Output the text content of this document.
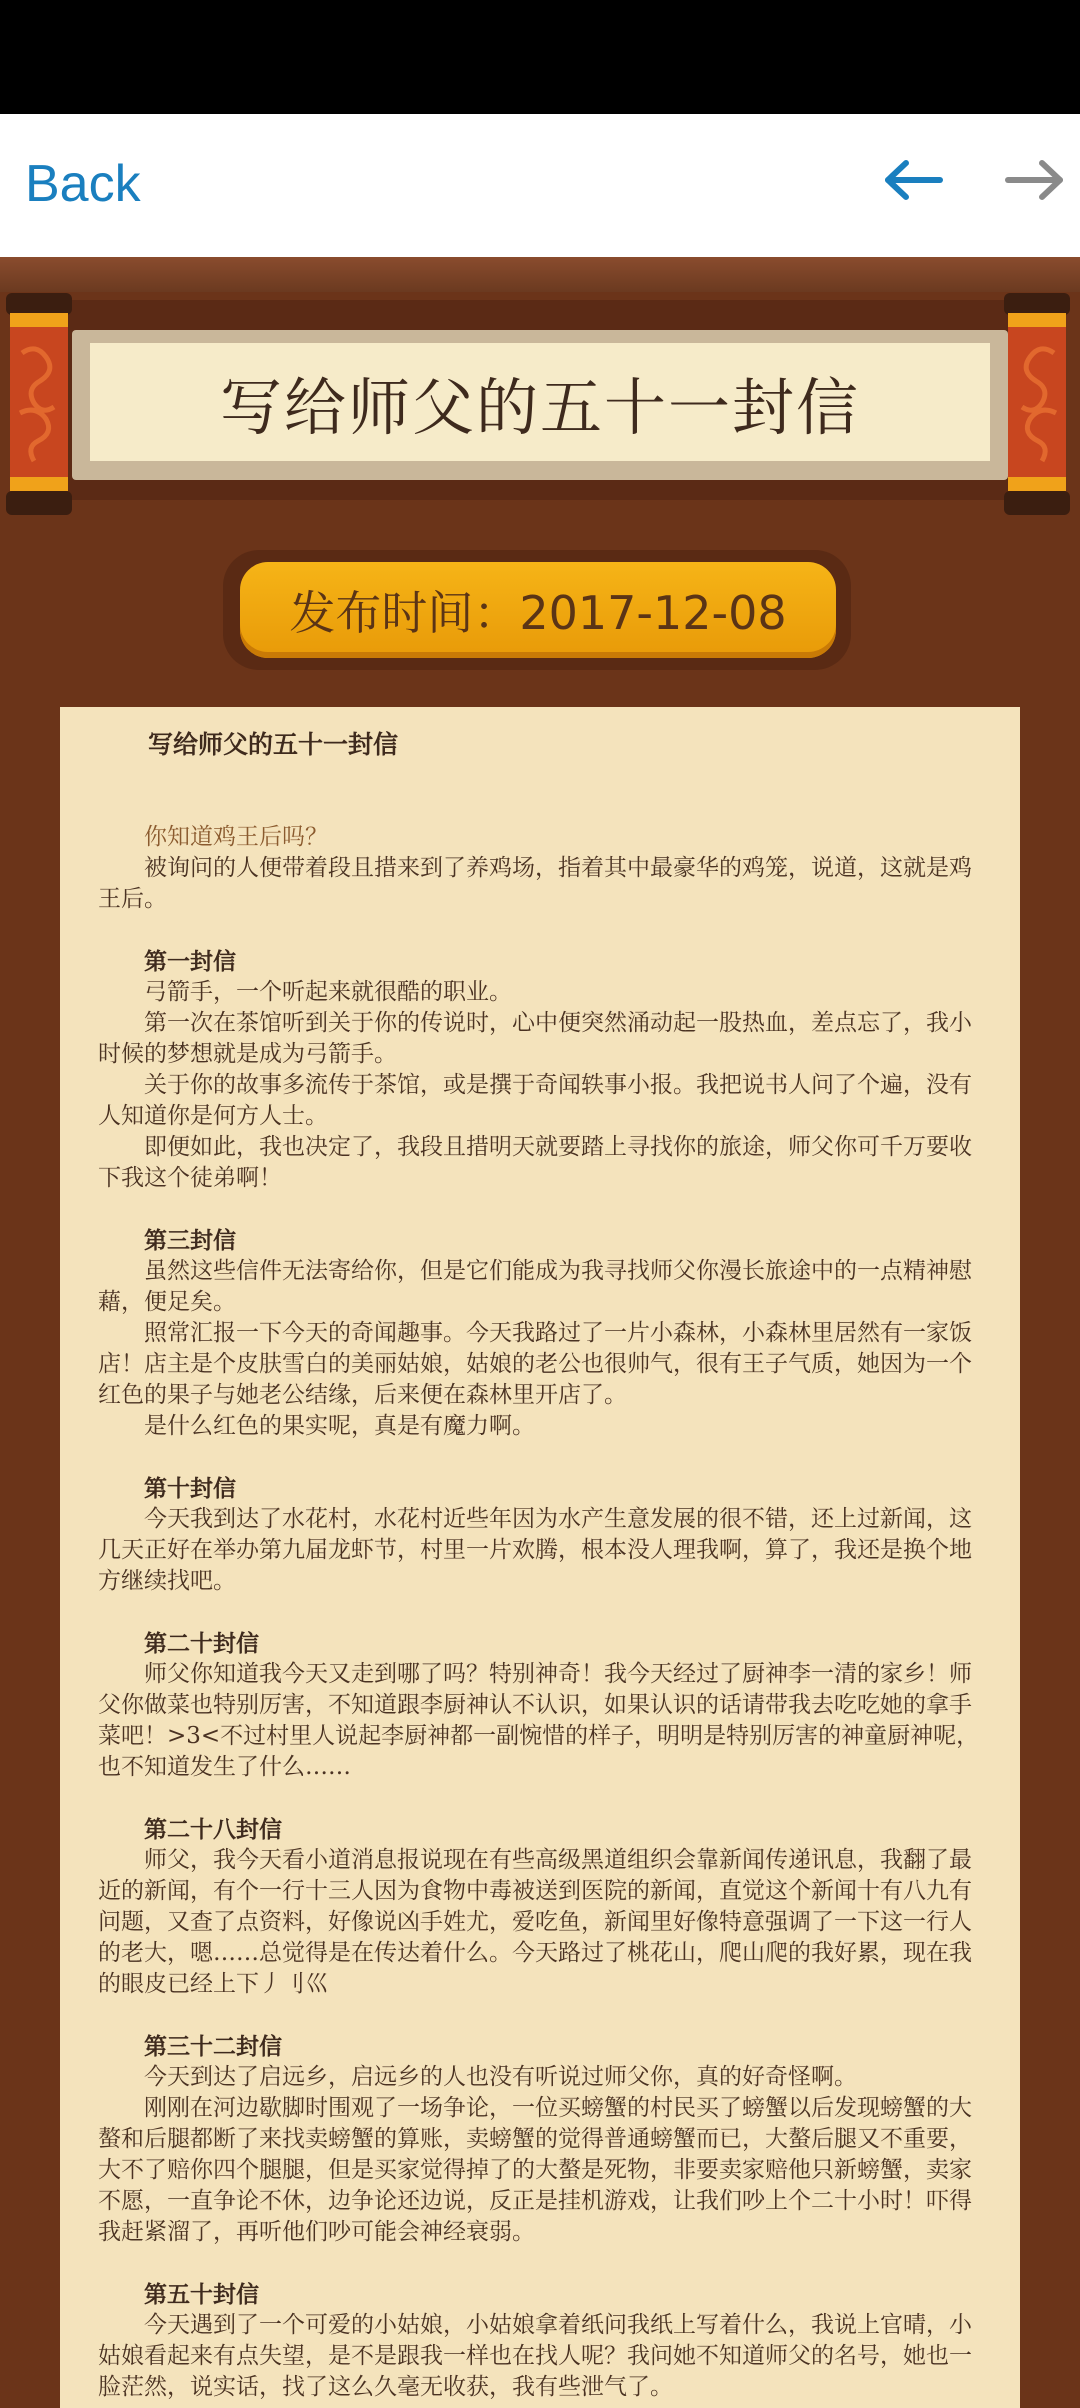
Back
写给师父的五十一封信
发布时间：2017-12-08

写给师父的五十一封信

你知道鸡王后吗？

被询问的人便带着段且措来到了养鸡场，指着其中最豪华的鸡笼，说道，这就是鸡王后。

第一封信

弓箭手，一个听起来就很酷的职业。

第一次在茶馆听到关于你的传说时，心中便突然涌动起一股热血，差点忘了，我小时候的梦想就是成为弓箭手。

关于你的故事多流传于茶馆，或是撰于奇闻轶事小报。我把说书人问了个遍，没有人知道你是何方人士。

即便如此，我也决定了，我段且措明天就要踏上寻找你的旅途，师父你可千万要收下我这个徒弟啊！

第三封信

虽然这些信件无法寄给你，但是它们能成为我寻找师父你漫长旅途中的一点精神慰藉，便足矣。

照常汇报一下今天的奇闻趣事。今天我路过了一片小森林，小森林里居然有一家饭店！店主是个皮肤雪白的美丽姑娘，姑娘的老公也很帅气，很有王子气质，她因为一个红色的果子与她老公结缘，后来便在森林里开店了。

是什么红色的果实呢，真是有魔力啊。

第十封信

今天我到达了水花村，水花村近些年因为水产生意发展的很不错，还上过新闻，这几天正好在举办第九届龙虾节，村里一片欢腾，根本没人理我啊，算了，我还是换个地方继续找吧。

第二十封信

师父你知道我今天又走到哪了吗？特别神奇！我今天经过了厨神李一清的家乡！师父你做菜也特别厉害，不知道跟李厨神认不认识，如果认识的话请带我去吃吃她的拿手菜吧！>3<不过村里人说起李厨神都一副惋惜的样子，明明是特别厉害的神童厨神呢，也不知道发生了什么……

第二十八封信

师父，我今天看小道消息报说现在有些高级黑道组织会靠新闻传递讯息，我翻了最近的新闻，有个一行十三人因为食物中毒被送到医院的新闻，直觉这个新闻十有八九有问题，又查了点资料，好像说凶手姓尤，爱吃鱼，新闻里好像特意强调了一下这一行人的老大，嗯……总觉得是在传达着什么。今天路过了桃花山，爬山爬的我好累，现在我的眼皮已经上下丿刂巛

第三十二封信

今天到达了启远乡，启远乡的人也没有听说过师父你，真的好奇怪啊。

刚刚在河边歇脚时围观了一场争论，一位买螃蟹的村民买了螃蟹以后发现螃蟹的大螯和后腿都断了来找卖螃蟹的算账，卖螃蟹的觉得普通螃蟹而已，大螯后腿又不重要，大不了赔你四个腿腿，但是买家觉得掉了的大螯是死物，非要卖家赔他只新螃蟹，卖家不愿，一直争论不休，边争论还边说，反正是挂机游戏，让我们吵上个二十小时！吓得我赶紧溜了，再听他们吵可能会神经衰弱。

第五十封信

今天遇到了一个可爱的小姑娘，小姑娘拿着纸问我纸上写着什么，我说上官晴，小姑娘看起来有点失望，是不是跟我一样也在找人呢？我问她不知道师父的名号，她也一脸茫然，说实话，找了这么久毫无收获，我有些泄气了。
